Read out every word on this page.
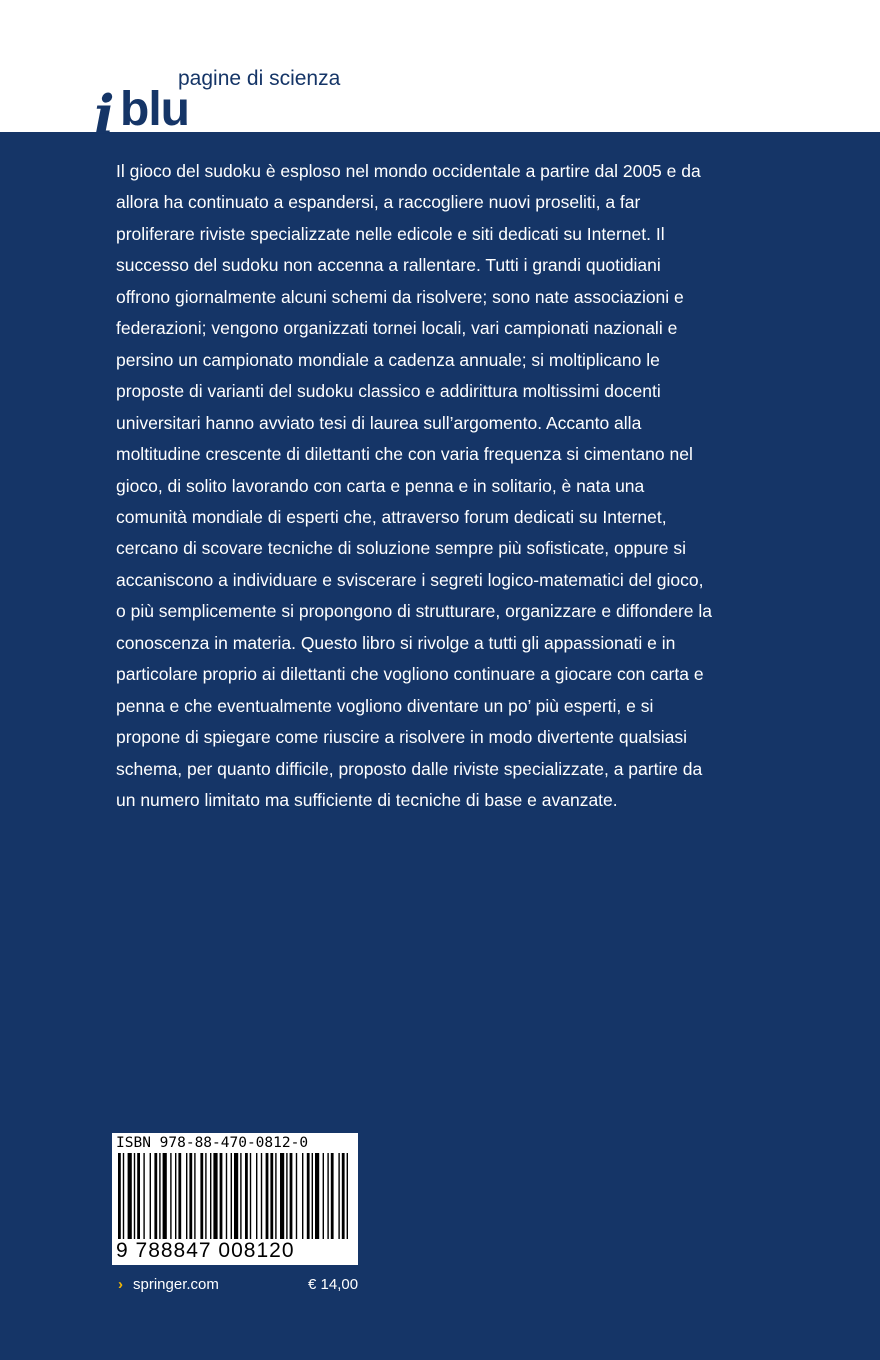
i blu
pagine di scienza

Il gioco del sudoku è esploso nel mondo occidentale a partire dal 2005 e da allora ha continuato a espandersi, a raccogliere nuovi proseliti, a far proliferare riviste specializzate nelle edicole e siti dedicati su Internet. Il successo del sudoku non accenna a rallentare. Tutti i grandi quotidiani offrono giornalmente alcuni schemi da risolvere; sono nate associazioni e federazioni; vengono organizzati tornei locali, vari campionati nazionali e persino un campionato mondiale a cadenza annuale; si moltiplicano le proposte di varianti del sudoku classico e addirittura moltissimi docenti universitari hanno avviato tesi di laurea sull’argomento. Accanto alla moltitudine crescente di dilettanti che con varia frequenza si cimentano nel gioco, di solito lavorando con carta e penna e in solitario, è nata una comunità mondiale di esperti che, attraverso forum dedicati su Internet, cercano di scovare tecniche di soluzione sempre più sofisticate, oppure si accaniscono a individuare e sviscerare i segreti logico-matematici del gioco, o più semplicemente si propongono di strutturare, organizzare e diffondere la conoscenza in materia. Questo libro si rivolge a tutti gli appassionati e in particolare proprio ai dilettanti che vogliono continuare a giocare con carta e penna e che eventualmente vogliono diventare un po’ più esperti, e si propone di spiegare come riuscire a risolvere in modo divertente qualsiasi schema, per quanto difficile, proposto dalle riviste specializzate, a partire da un numero limitato ma sufficiente di tecniche di base e avanzate.

ISBN 978-88-470-0812-0
9 788847 008120
› springer.com	€ 14,00
